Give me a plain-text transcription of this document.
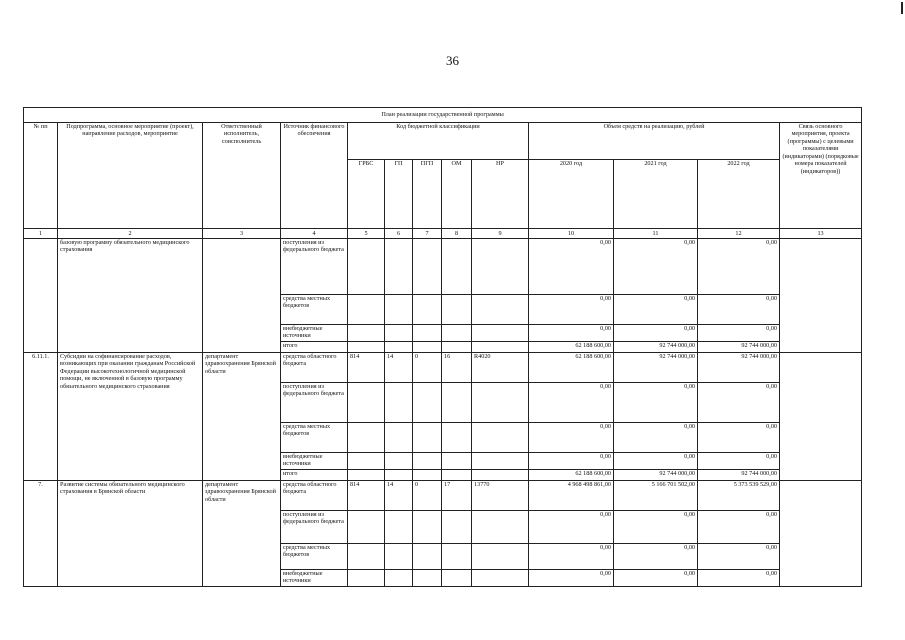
36
План реализации государственной программы												
№ пп	Подпрограмма, основное мероприятие (проект), направление расходов, мероприятие	Ответственный исполнитель, соисполнитель	Источник финансового обеспечения	Код бюджетной классификации					Объем средств на реализацию, рублей			Связь основного мероприятия, проекта (программы) с целевыми показателями (индикаторами) (порядковые номера показателей (индикаторов))
				ГРБС	ГП	ПГП	ОМ	НР	2020 год	2021 год	2022 год	
1	2	3	4	5	6	7	8	9	10	11	12	13
	базовую программу обязательного медицинского страхования		поступления из федерального бюджета						0,00	0,00	0,00	
			средства местных бюджетов						0,00	0,00	0,00	
			внебюджетные источники						0,00	0,00	0,00	
			итого						62 188 600,00	92 744 000,00	92 744 000,00	
6.11.1.	Субсидии на софинансирование расходов, возникающих при оказании гражданам Российской Федерации высокотехнологичной медицинской помощи, не включенной в базовую программу обязательного медицинского страхования	департамент здравоохранения Брянской области	средства областного бюджета	814	14	0	16	R4020	62 188 600,00	92 744 000,00	92 744 000,00	
			поступления из федерального бюджета						0,00	0,00	0,00	
			средства местных бюджетов						0,00	0,00	0,00	
			внебюджетные источники						0,00	0,00	0,00	
			итого						62 188 600,00	92 744 000,00	92 744 000,00	
7.	Развитие системы обязательного медицинского страхования в Брянской области	департамент здравоохранения Брянской области	средства областного бюджета	814	14	0	17	13770	4 968 498 861,00	5 166 701 502,00	5 373 539 529,00	
			поступления из федерального бюджета						0,00	0,00	0,00	
			средства местных бюджетов						0,00	0,00	0,00	
			внебюджетные источники						0,00	0,00	0,00	
